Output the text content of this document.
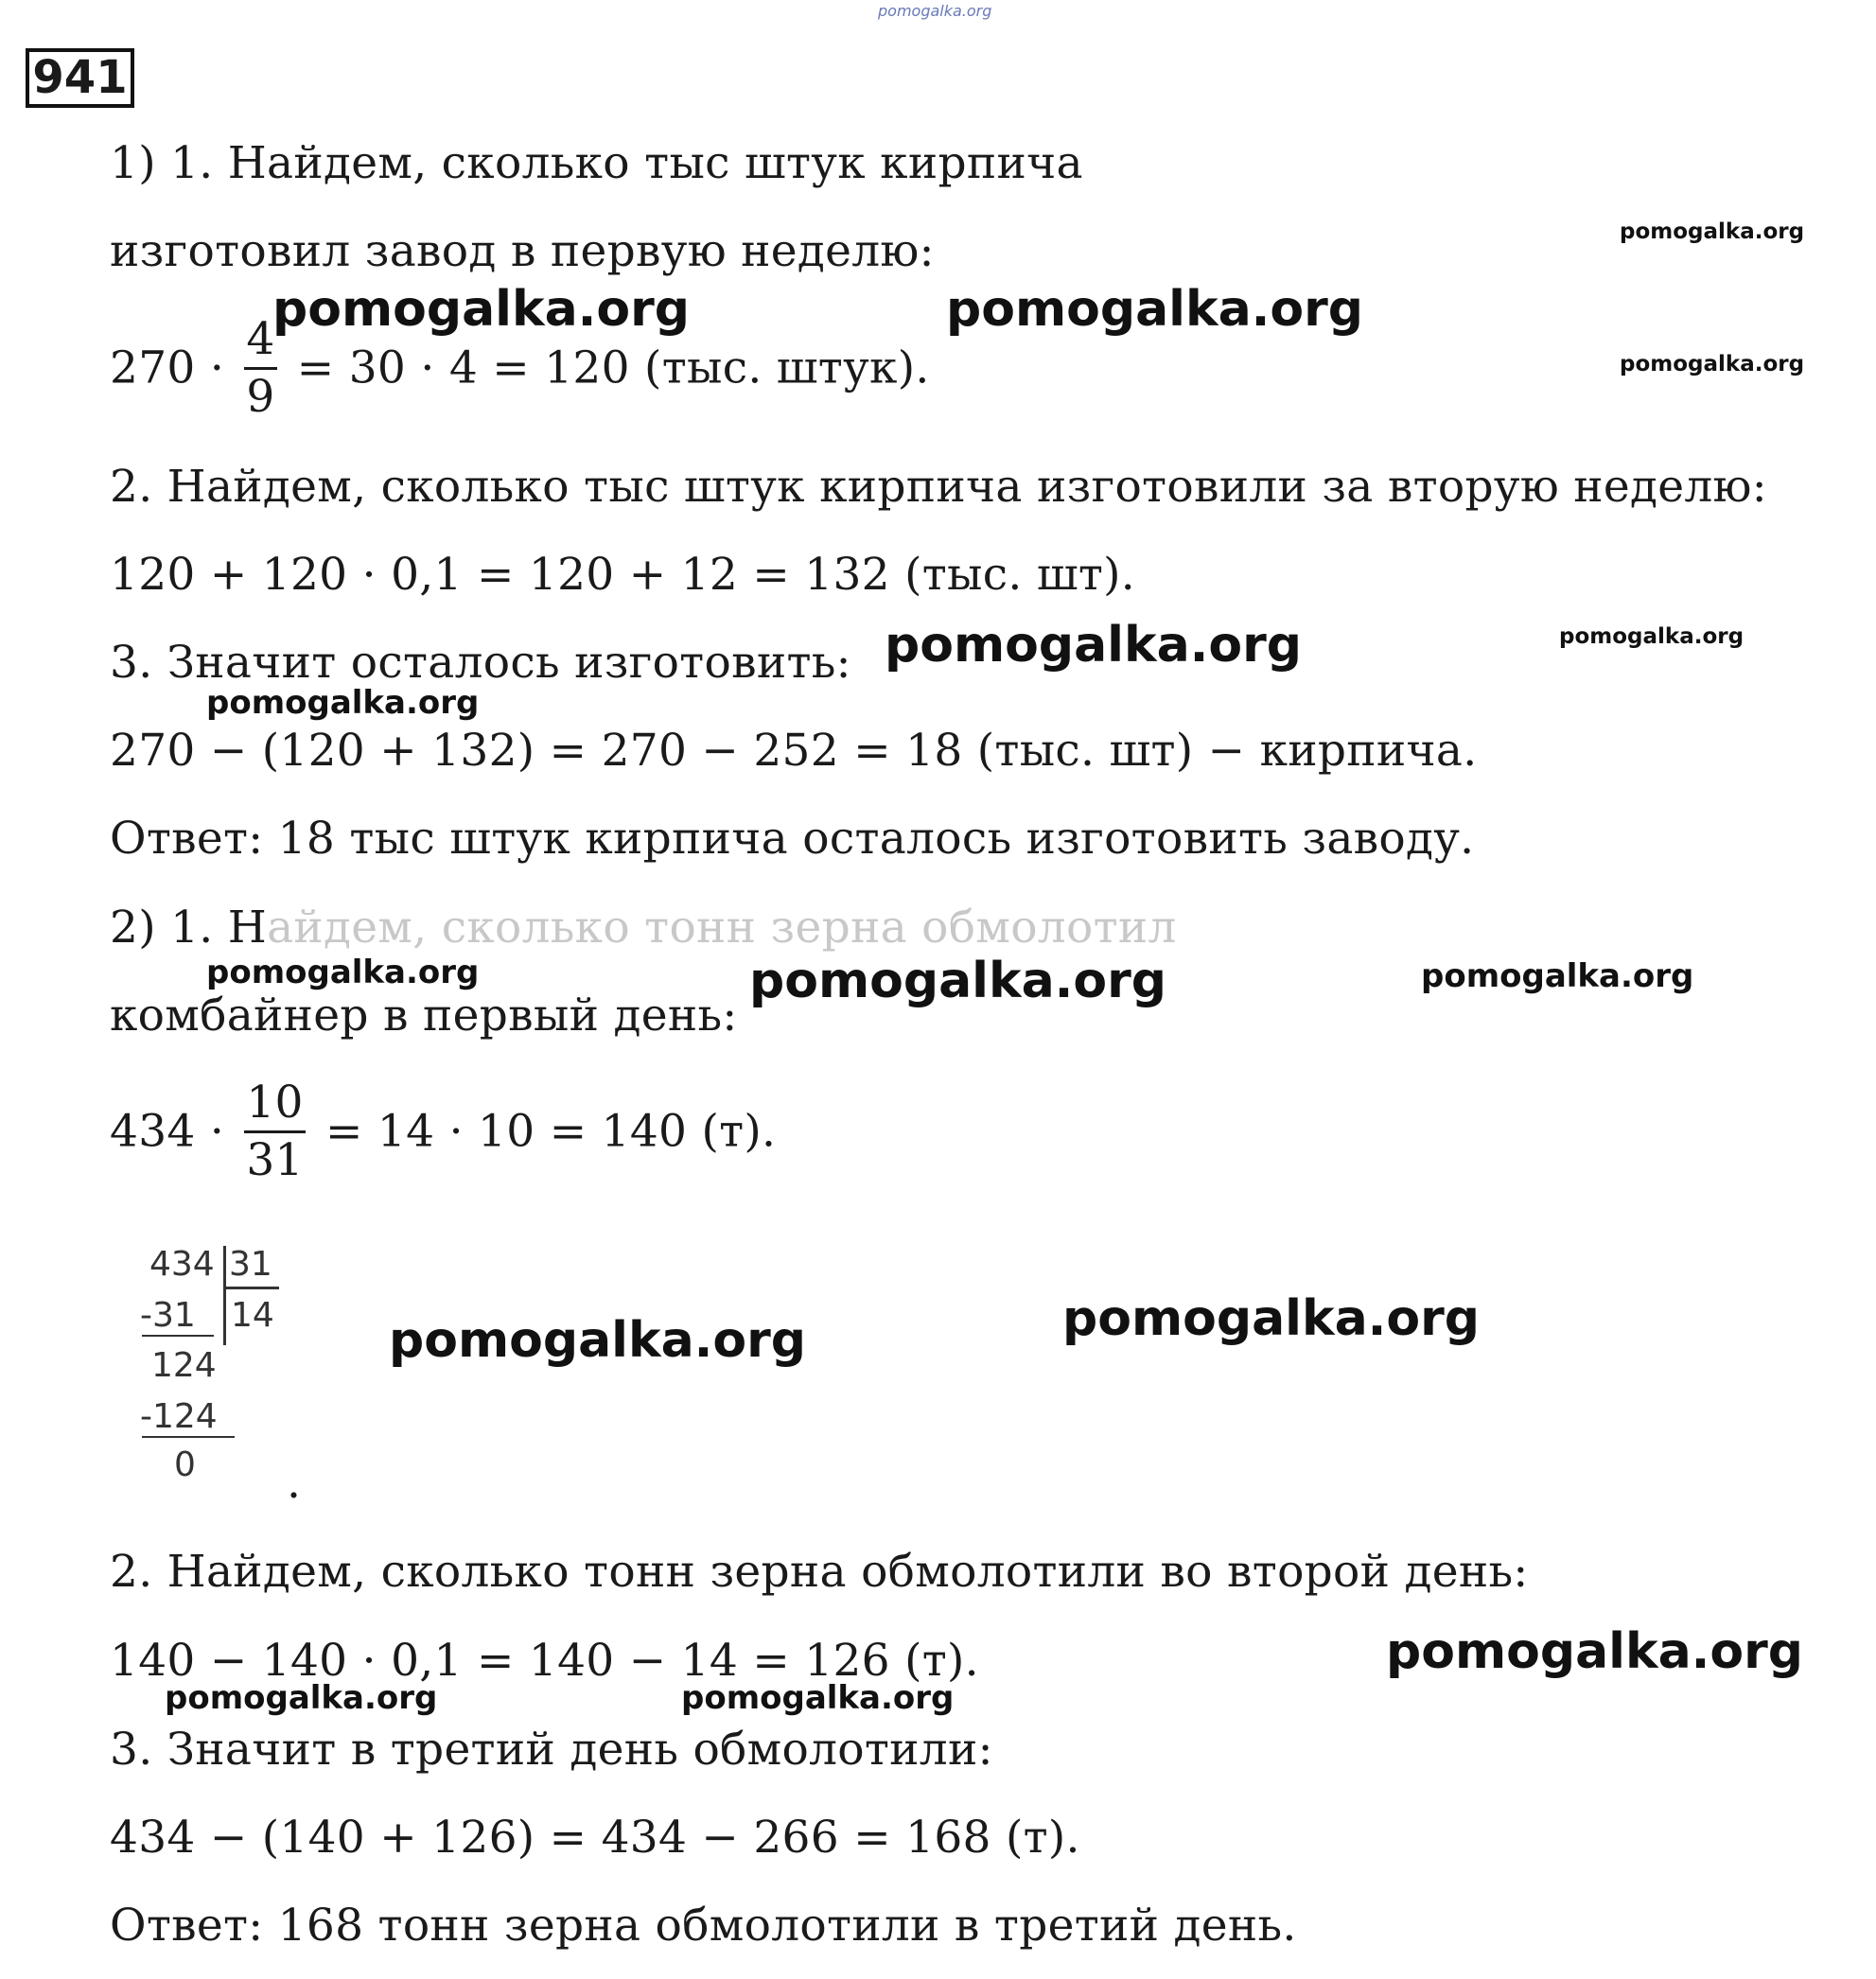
pomogalka.org
941
1) 1. Найдем, сколько тыс штук кирпича
изготовил завод в первую неделю:
$270 \cdot \frac{4}{9} = 30 \cdot 4 = 120$ (тыс. штук).
2. Найдем, сколько тыс штук кирпича изготовили за вторую неделю:
120 + 120 · 0,1 = 120 + 12 = 132 (тыс. шт).
3. Значит осталось изготовить:
270 − (120 + 132) = 270 − 252 = 18 (тыс. шт) − кирпича.
Ответ: 18 тыс штук кирпича осталось изготовить заводу.
2) 1. Найдем, сколько тонн зерна обмолотил
комбайнер в первый день:
$434 \cdot \frac{10}{31} = 14 \cdot 10 = 140$ (т).
434 31
-31 14
124
-124
0 .
2. Найдем, сколько тонн зерна обмолотили во второй день:
140 − 140 · 0,1 = 140 − 14 = 126 (т).
3. Значит в третий день обмолотили:
434 − (140 + 126) = 434 − 266 = 168 (т).
Ответ: 168 тонн зерна обмолотили в третий день.
pomogalka.org
pomogalka.org	pomogalka.org
pomogalka.org
pomogalka.org
pomogalka.org
pomogalka.org
pomogalka.org	pomogalka.org	pomogalka.org
pomogalka.org
pomogalka.org
pomogalka.org
pomogalka.org	pomogalka.org
